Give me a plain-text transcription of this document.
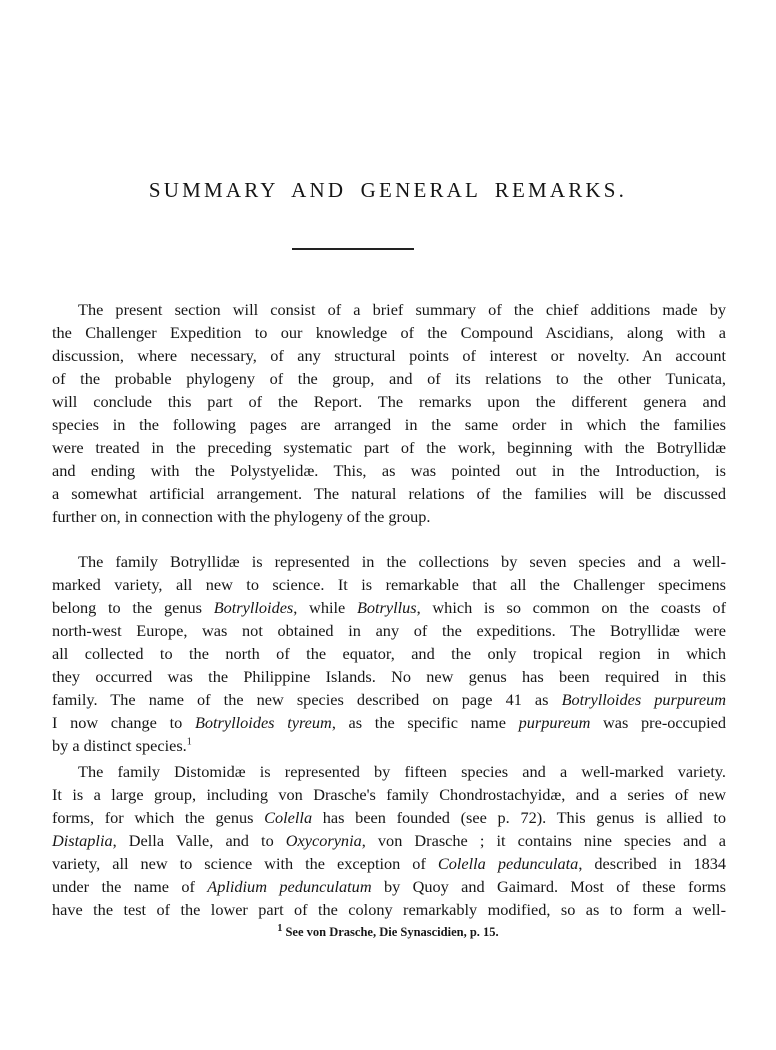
SUMMARY AND GENERAL REMARKS.
The present section will consist of a brief summary of the chief additions made by
the Challenger Expedition to our knowledge of the Compound Ascidians, along with a
discussion, where necessary, of any structural points of interest or novelty. An account
of the probable phylogeny of the group, and of its relations to the other Tunicata,
will conclude this part of the Report. The remarks upon the different genera and
species in the following pages are arranged in the same order in which the families
were treated in the preceding systematic part of the work, beginning with the Botryllidæ
and ending with the Polystyelidæ. This, as was pointed out in the Introduction, is
a somewhat artificial arrangement. The natural relations of the families will be discussed
further on, in connection with the phylogeny of the group.
The family Botryllidæ is represented in the collections by seven species and a well-
marked variety, all new to science. It is remarkable that all the Challenger specimens
belong to the genus Botrylloides, while Botryllus, which is so common on the coasts of
north-west Europe, was not obtained in any of the expeditions. The Botryllidæ were
all collected to the north of the equator, and the only tropical region in which
they occurred was the Philippine Islands. No new genus has been required in this
family. The name of the new species described on page 41 as Botrylloides purpureum
I now change to Botrylloides tyreum, as the specific name purpureum was pre-occupied
by a distinct species.$^1$
The family Distomidæ is represented by fifteen species and a well-marked variety.
It is a large group, including von Drasche's family Chondrostachyidæ, and a series of new
forms, for which the genus Colella has been founded (see p. 72). This genus is allied to
Distaplia, Della Valle, and to Oxycorynia, von Drasche ; it contains nine species and a
variety, all new to science with the exception of Colella pedunculata, described in 1834
under the name of Aplidium pedunculatum by Quoy and Gaimard. Most of these forms
have the test of the lower part of the colony remarkably modified, so as to form a well-
$^1$ See von Drasche, Die Synascidien, p. 15.
